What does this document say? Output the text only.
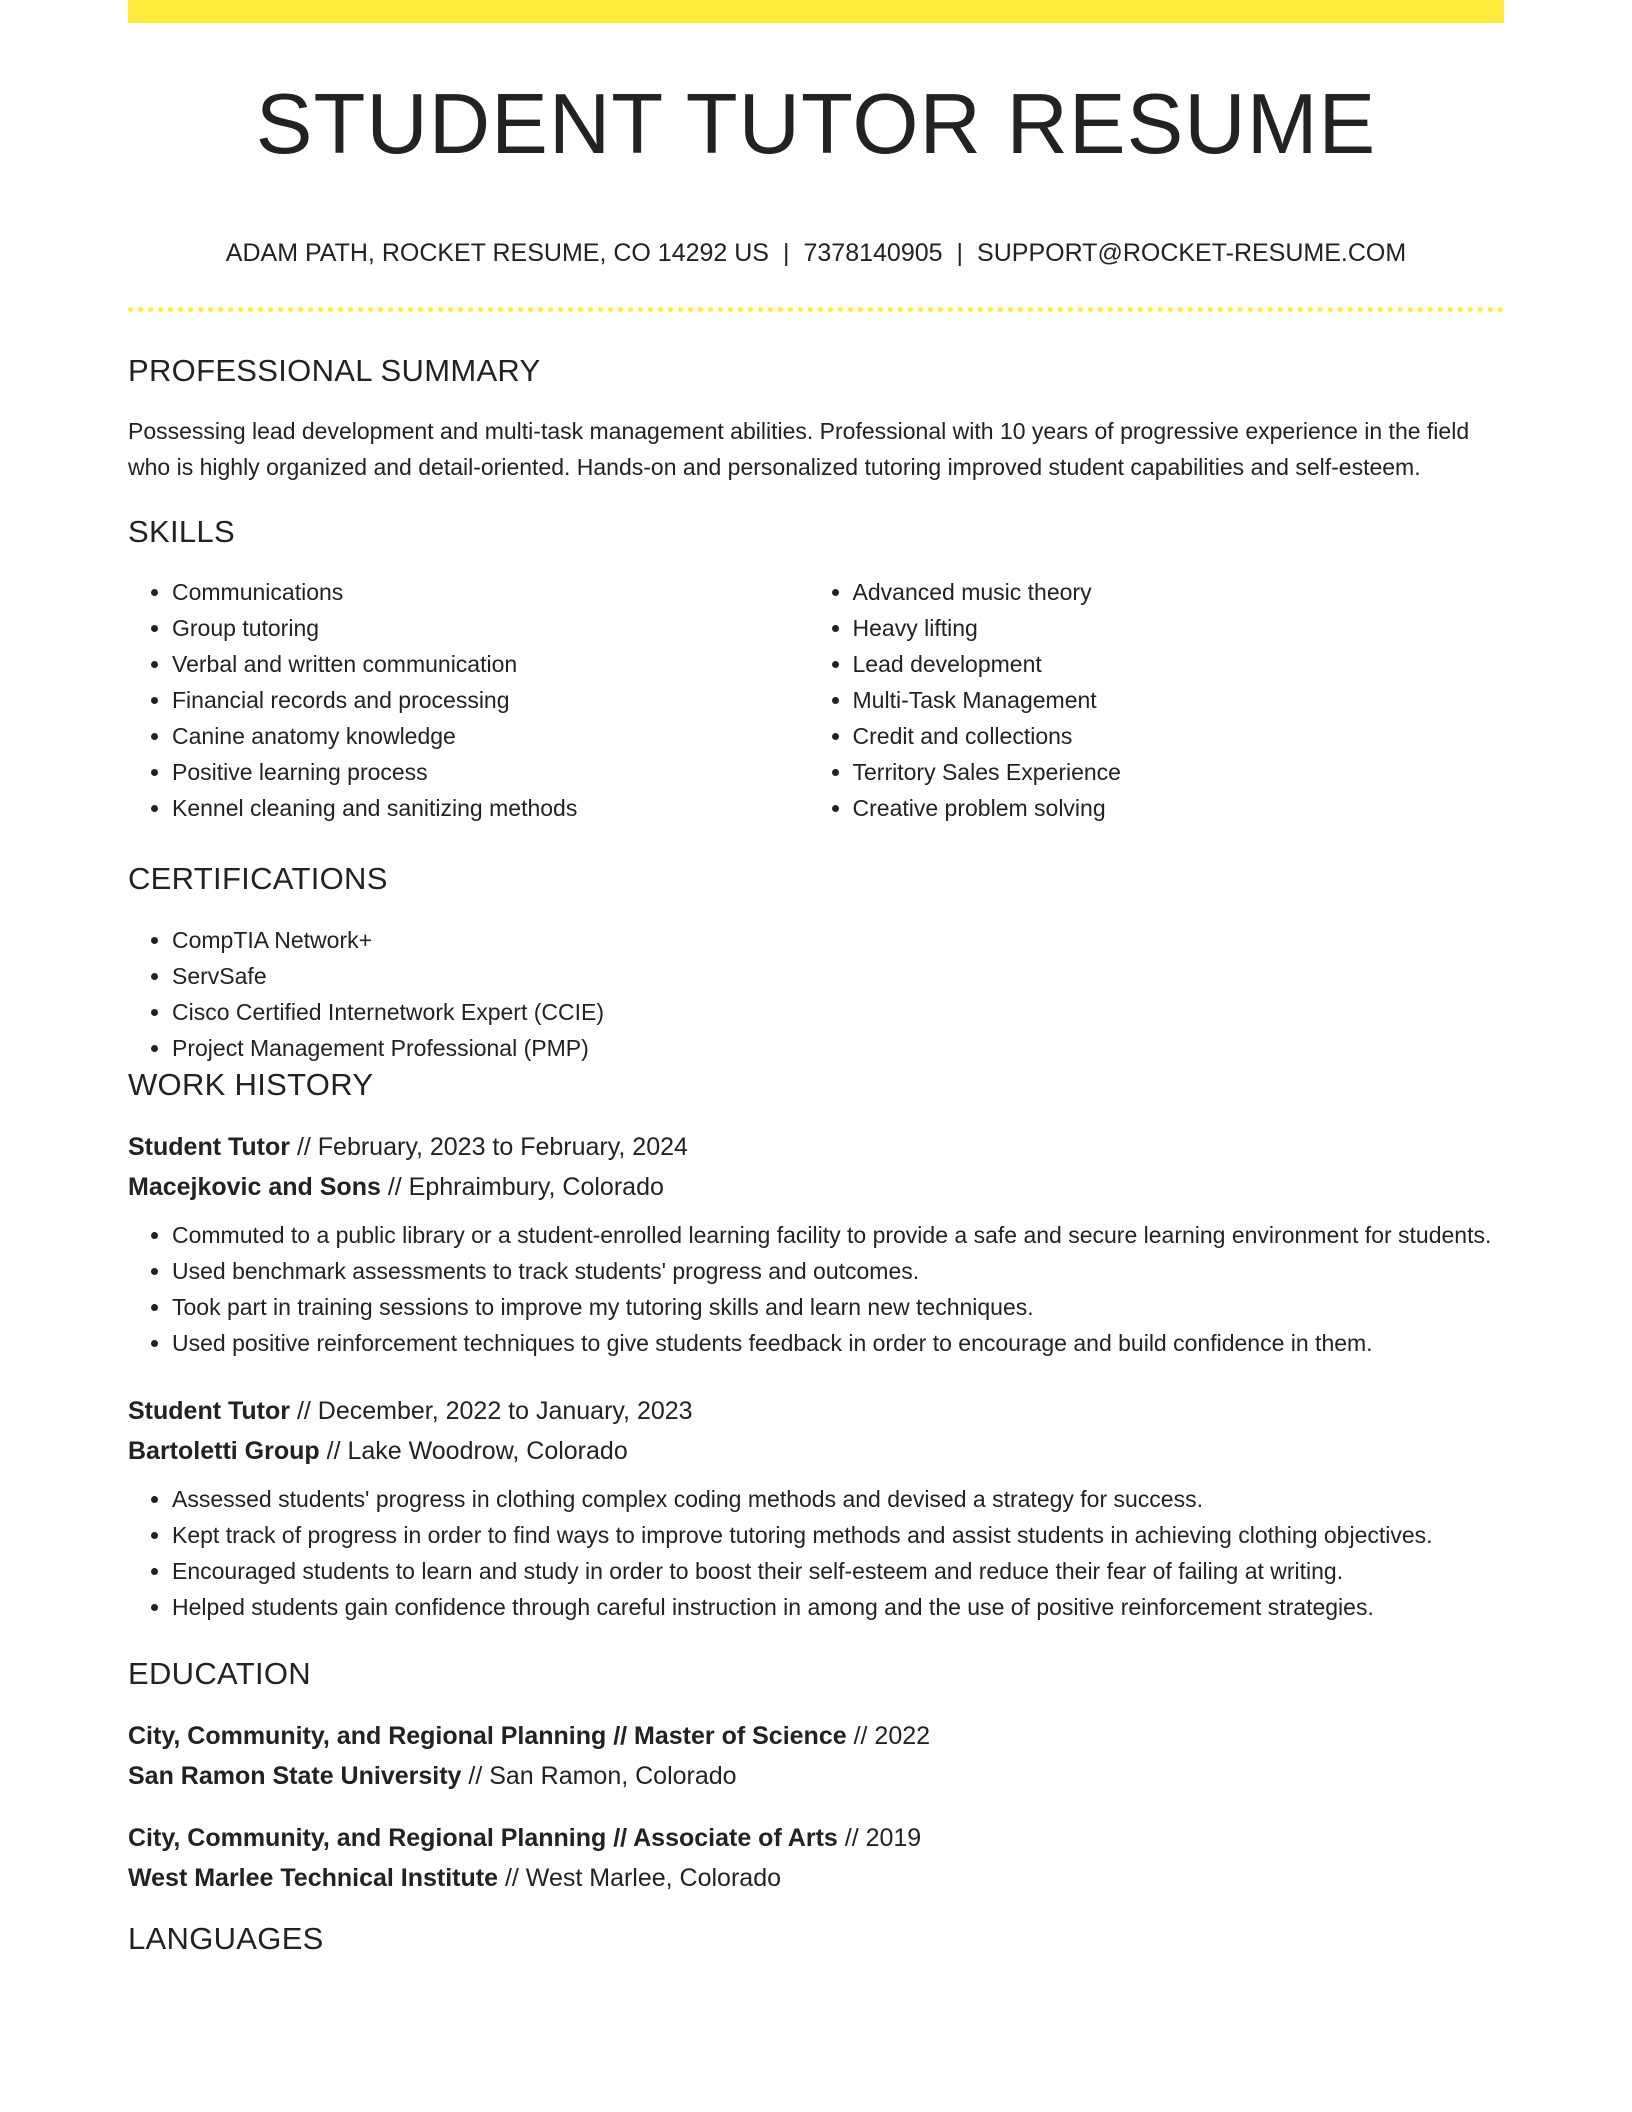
STUDENT TUTOR RESUME
ADAM PATH, ROCKET RESUME, CO 14292 US | 7378140905 | SUPPORT@ROCKET-RESUME.COM
PROFESSIONAL SUMMARY

Possessing lead development and multi-task management abilities. Professional with 10 years of progressive experience in the field who is highly organized and detail-oriented. Hands-on and personalized tutoring improved student capabilities and self-esteem.

SKILLS
• Communications
• Group tutoring
• Verbal and written communication
• Financial records and processing
• Canine anatomy knowledge
• Positive learning process
• Kennel cleaning and sanitizing methods
• Advanced music theory
• Heavy lifting
• Lead development
• Multi-Task Management
• Credit and collections
• Territory Sales Experience
• Creative problem solving
CERTIFICATIONS
• CompTIA Network+
• ServSafe
• Cisco Certified Internetwork Expert (CCIE)
• Project Management Professional (PMP)
WORK HISTORY

Student Tutor // February, 2023 to February, 2024

Macejkovic and Sons // Ephraimbury, Colorado

• Commuted to a public library or a student-enrolled learning facility to provide a safe and secure learning environment for students.
• Used benchmark assessments to track students' progress and outcomes.
• Took part in training sessions to improve my tutoring skills and learn new techniques.
• Used positive reinforcement techniques to give students feedback in order to encourage and build confidence in them.

Student Tutor // December, 2022 to January, 2023

Bartoletti Group // Lake Woodrow, Colorado

• Assessed students' progress in clothing complex coding methods and devised a strategy for success.
• Kept track of progress in order to find ways to improve tutoring methods and assist students in achieving clothing objectives.
• Encouraged students to learn and study in order to boost their self-esteem and reduce their fear of failing at writing.
• Helped students gain confidence through careful instruction in among and the use of positive reinforcement strategies.
EDUCATION

City, Community, and Regional Planning // Master of Science // 2022

San Ramon State University // San Ramon, Colorado

City, Community, and Regional Planning // Associate of Arts // 2019

West Marlee Technical Institute // West Marlee, Colorado

LANGUAGES
